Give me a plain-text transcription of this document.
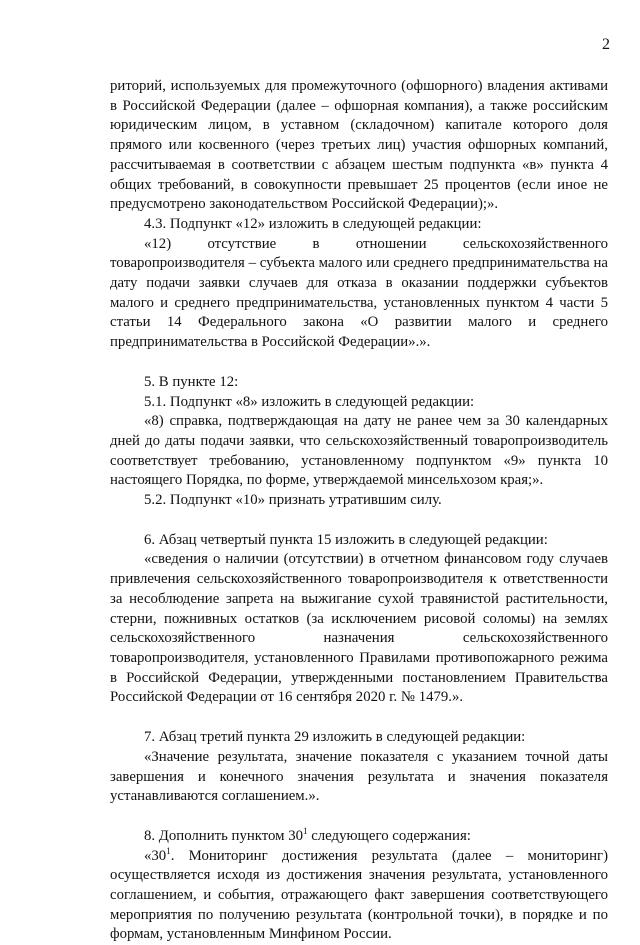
2

риторий, используемых для промежуточного (офшорного) владения активами в Российской Федерации (далее – офшорная компания), а также российским юридическим лицом, в уставном (складочном) капитале которого доля прямого или косвенного (через третьих лиц) участия офшорных компаний, рассчитываемая в соответствии с абзацем шестым подпункта «в» пункта 4 общих требований, в совокупности превышает 25 процентов (если иное не предусмотрено законодательством Российской Федерации);».

4.3. Подпункт «12» изложить в следующей редакции:

«12) отсутствие в отношении сельскохозяйственного товаропроизводителя – субъекта малого или среднего предпринимательства на дату подачи заявки случаев для отказа в оказании поддержки субъектов малого и среднего предпринимательства, установленных пунктом 4 части 5 статьи 14 Федерального закона «О развитии малого и среднего предпринимательства в Российской Федерации».».

5. В пункте 12:

5.1. Подпункт «8» изложить в следующей редакции:

«8) справка, подтверждающая на дату не ранее чем за 30 календарных дней до даты подачи заявки, что сельскохозяйственный товаропроизводитель соответствует требованию, установленному подпунктом «9» пункта 10 настоящего Порядка, по форме, утверждаемой минсельхозом края;».

5.2. Подпункт «10» признать утратившим силу.

6. Абзац четвертый пункта 15 изложить в следующей редакции:

«сведения о наличии (отсутствии) в отчетном финансовом году случаев привлечения сельскохозяйственного товаропроизводителя к ответственности за несоблюдение запрета на выжигание сухой травянистой растительности, стерни, пожнивных остатков (за исключением рисовой соломы) на землях сельскохозяйственного назначения сельскохозяйственного товаропроизводителя, установленного Правилами противопожарного режима в Российской Федерации, утвержденными постановлением Правительства Российской Федерации от 16 сентября 2020 г. № 1479.».

7. Абзац третий пункта 29 изложить в следующей редакции:

«Значение результата, значение показателя с указанием точной даты завершения и конечного значения результата и значения показателя устанавливаются соглашением.».

8. Дополнить пунктом $30^1$ следующего содержания:

«$30^1$. Мониторинг достижения результата (далее – мониторинг) осуществляется исходя из достижения значения результата, установленного соглашением, и события, отражающего факт завершения соответствующего мероприятия по получению результата (контрольной точки), в порядке и по формам, установленным Минфином России.
